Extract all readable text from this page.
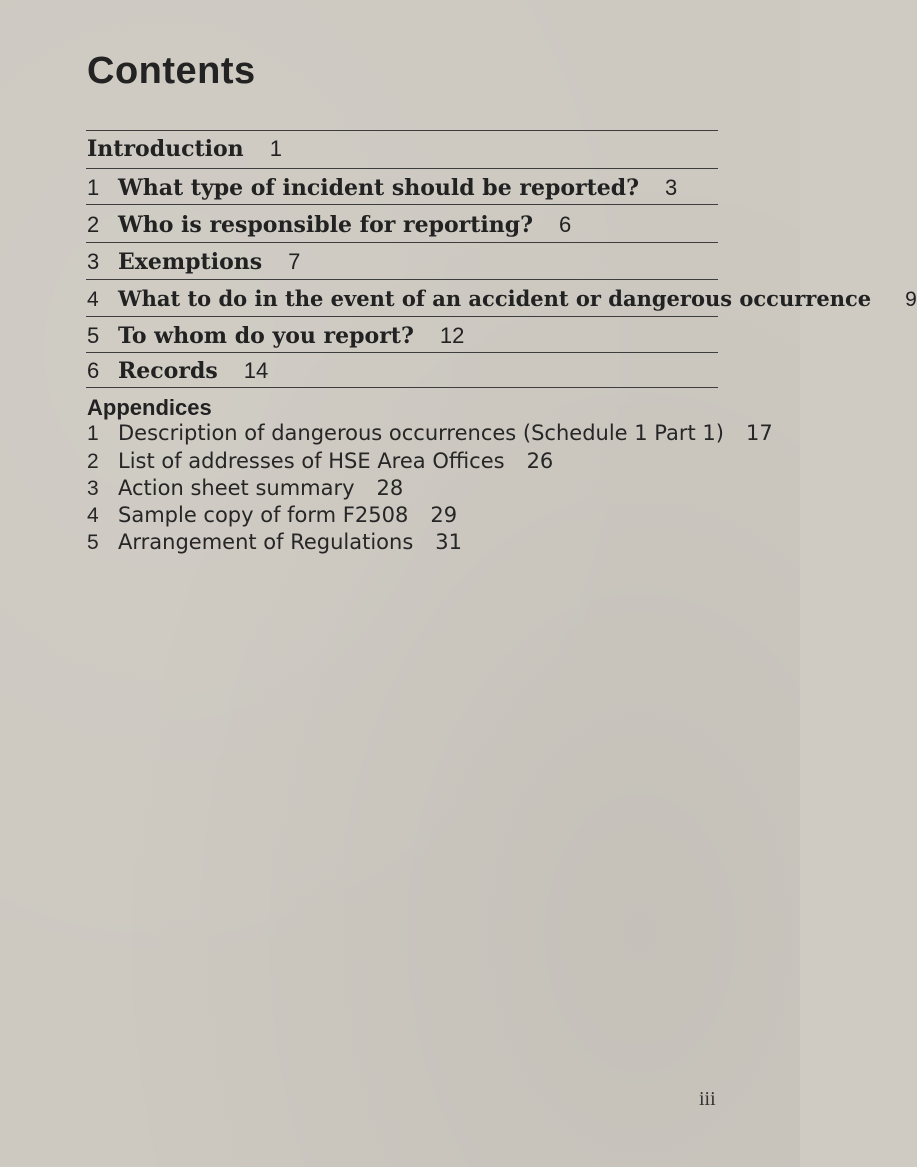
Contents
Introduction 1
1 What type of incident should be reported? 3
2 Who is responsible for reporting? 6
3 Exemptions 7
4 What to do in the event of an accident or dangerous occurrence 9
5 To whom do you report? 12
6 Records 14
Appendices
1 Description of dangerous occurrences (Schedule 1 Part 1) 17
2 List of addresses of HSE Area Offices 26
3 Action sheet summary 28
4 Sample copy of form F2508 29
5 Arrangement of Regulations 31

iii
